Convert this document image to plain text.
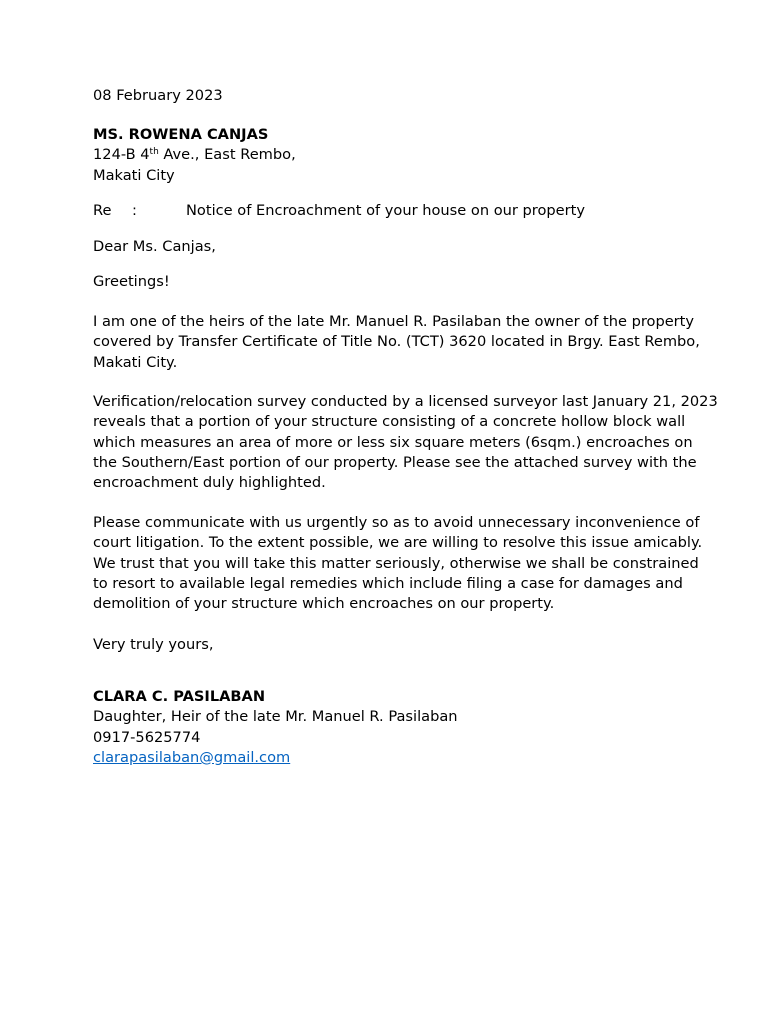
08 February 2023
MS. ROWENA CANJAS
124-B 4th Ave., East Rembo,
Makati City
Re	:	Notice of Encroachment of your house on our property
Dear Ms. Canjas,
Greetings!
I am one of the heirs of the late Mr. Manuel R. Pasilaban the owner of the property
covered by Transfer Certificate of Title No. (TCT) 3620 located in Brgy. East Rembo,
Makati City.
Verification/relocation survey conducted by a licensed surveyor last January 21, 2023
reveals that a portion of your structure consisting of a concrete hollow block wall
which measures an area of more or less six square meters (6sqm.) encroaches on
the Southern/East portion of our property. Please see the attached survey with the
encroachment duly highlighted.
Please communicate with us urgently so as to avoid unnecessary inconvenience of
court litigation. To the extent possible, we are willing to resolve this issue amicably.
We trust that you will take this matter seriously, otherwise we shall be constrained
to resort to available legal remedies which include filing a case for damages and
demolition of your structure which encroaches on our property.
Very truly yours,
CLARA C. PASILABAN
Daughter, Heir of the late Mr. Manuel R. Pasilaban
0917-5625774
clarapasilaban@gmail.com
